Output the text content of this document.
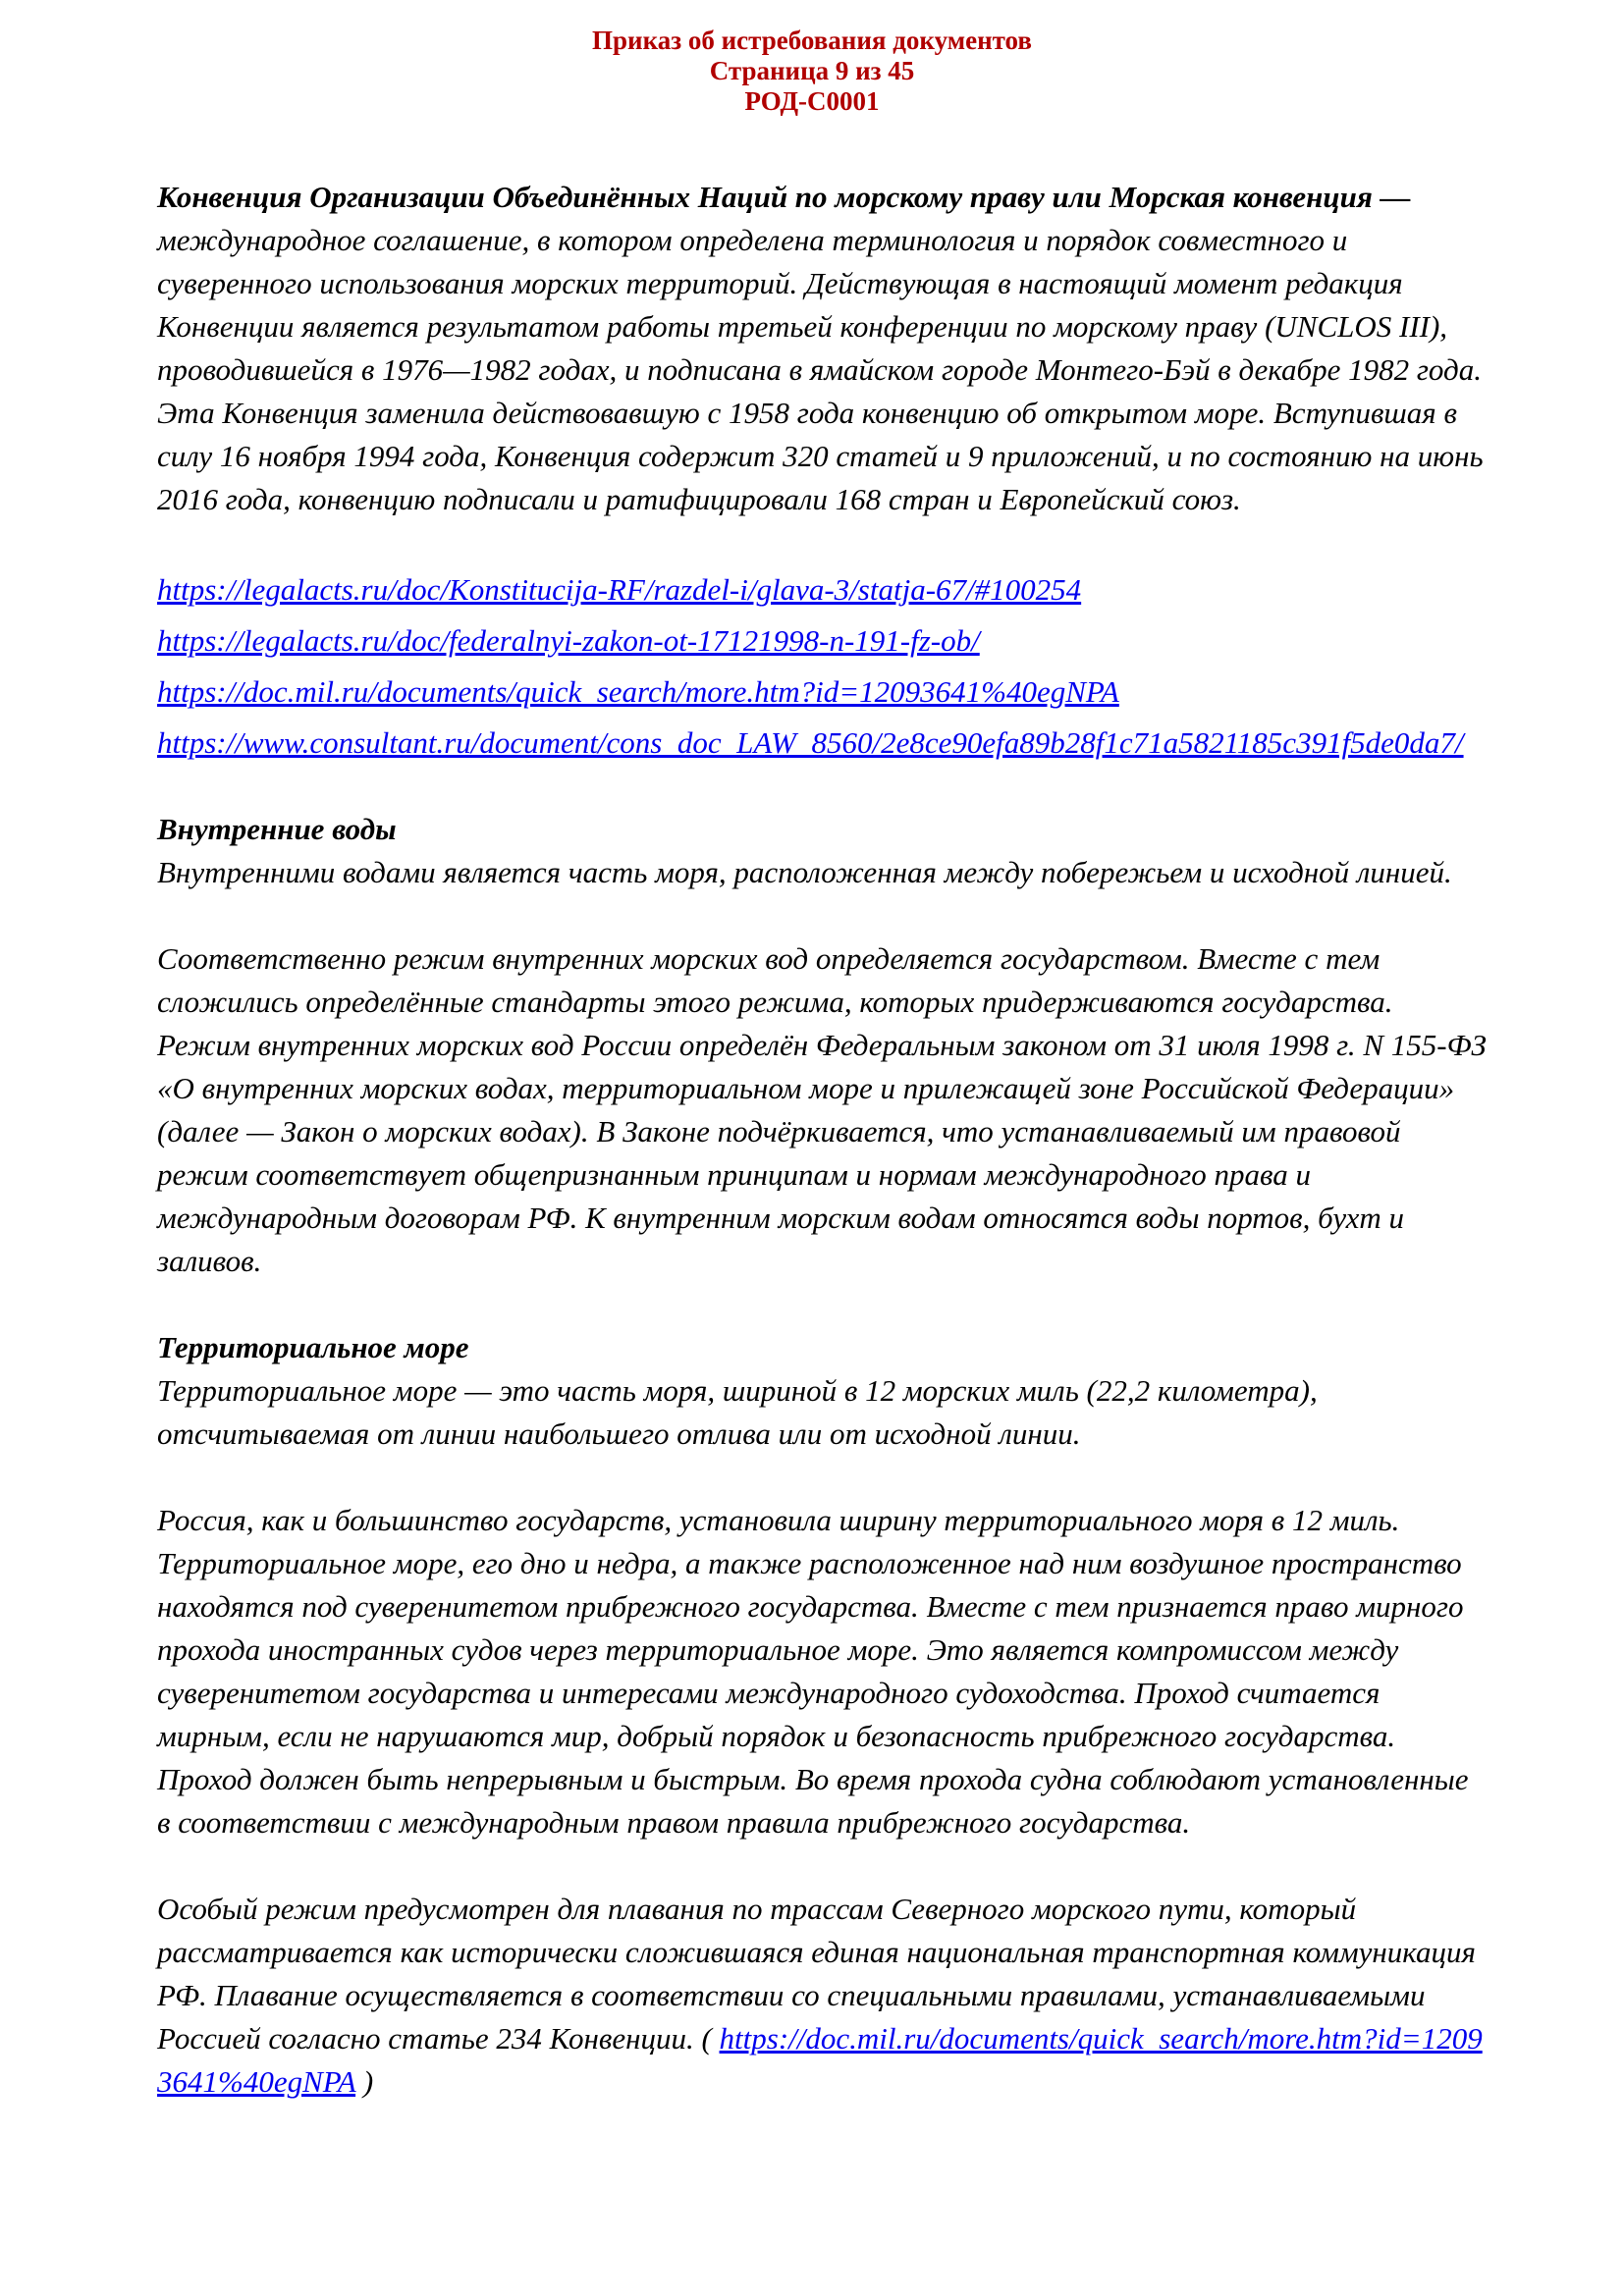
Приказ об истребования документов
Страница 9 из 45
РОД-С0001

Конвенция Организации Объединённых Наций по морскому праву или Морская конвенция — международное соглашение, в котором определена терминология и порядок совместного и суверенного использования морских территорий. Действующая в настоящий момент редакция Конвенции является результатом работы третьей конференции по морскому праву (UNCLOS III), проводившейся в 1976—1982 годах, и подписана в ямайском городе Монтего-Бэй в декабре 1982 года. Эта Конвенция заменила действовавшую с 1958 года конвенцию об открытом море. Вступившая в силу 16 ноября 1994 года, Конвенция содержит 320 статей и 9 приложений, и по состоянию на июнь 2016 года, конвенцию подписали и ратифицировали 168 стран и Европейский союз.

https://legalacts.ru/doc/Konstitucija-RF/razdel-i/glava-3/statja-67/#100254
https://legalacts.ru/doc/federalnyi-zakon-ot-17121998-n-191-fz-ob/
https://doc.mil.ru/documents/quick_search/more.htm?id=12093641%40egNPA
https://www.consultant.ru/document/cons_doc_LAW_8560/2e8ce90efa89b28f1c71a5821185c391f5de0da7/

Внутренние воды
Внутренними водами является часть моря, расположенная между побережьем и исходной линией.

Соответственно режим внутренних морских вод определяется государством. Вместе с тем сложились определённые стандарты этого режима, которых придерживаются государства. Режим внутренних морских вод России определён Федеральным законом от 31 июля 1998 г. N 155-ФЗ «О внутренних морских водах, территориальном море и прилежащей зоне Российской Федерации» (далее — Закон о морских водах). В Законе подчёркивается, что устанавливаемый им правовой режим соответствует общепризнанным принципам и нормам международного права и международным договорам РФ. К внутренним морским водам относятся воды портов, бухт и заливов.

Территориальное море
Территориальное море — это часть моря, шириной в 12 морских миль (22,2 километра), отсчитываемая от линии наибольшего отлива или от исходной линии.

Россия, как и большинство государств, установила ширину территориального моря в 12 миль. Территориальное море, его дно и недра, а также расположенное над ним воздушное пространство находятся под суверенитетом прибрежного государства. Вместе с тем признается право мирного прохода иностранных судов через территориальное море. Это является компромиссом между суверенитетом государства и интересами международного судоходства. Проход считается мирным, если не нарушаются мир, добрый порядок и безопасность прибрежного государства. Проход должен быть непрерывным и быстрым. Во время прохода судна соблюдают установленные в соответствии с международным правом правила прибрежного государства.

Особый режим предусмотрен для плавания по трассам Северного морского пути, который рассматривается как исторически сложившаяся единая национальная транспортная коммуникация РФ. Плавание осуществляется в соответствии со специальными правилами, устанавливаемыми Россией согласно статье 234 Конвенции. ( https://doc.mil.ru/documents/quick_search/more.htm?id=12093641%40egNPA )
